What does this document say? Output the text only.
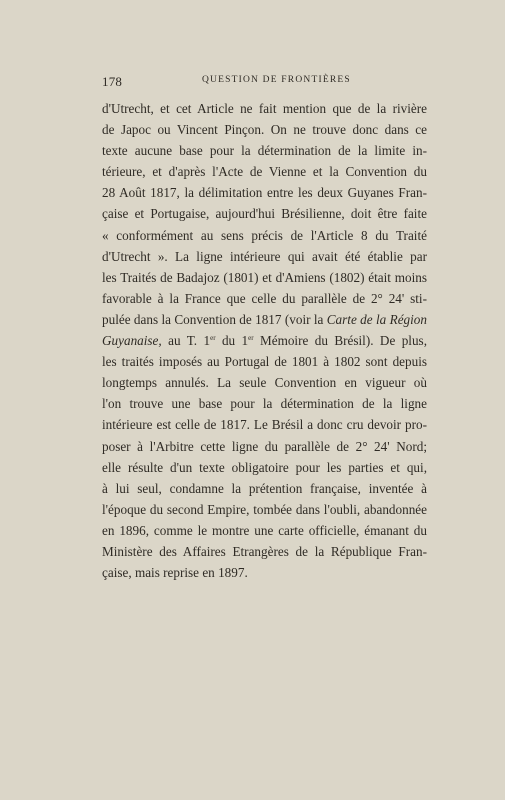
178	QUESTION DE FRONTIÈRES
d'Utrecht, et cet Article ne fait mention que de la rivière
de Japoc ou Vincent Pinçon. On ne trouve donc dans ce
texte aucune base pour la détermination de la limite in-
térieure, et d'après l'Acte de Vienne et la Convention du
28 Août 1817, la délimitation entre les deux Guyanes Fran-
çaise et Portugaise, aujourd'hui Brésilienne, doit être faite
« conformément au sens précis de l'Article 8 du Traité
d'Utrecht ». La ligne intérieure qui avait été établie par
les Traités de Badajoz (1801) et d'Amiens (1802) était moins
favorable à la France que celle du parallèle de 2° 24' sti-
pulée dans la Convention de 1817 (voir la Carte de la Région
Guyanaise, au T. 1er du 1er Mémoire du Brésil). De plus,
les traités imposés au Portugal de 1801 à 1802 sont depuis
longtemps annulés. La seule Convention en vigueur où
l'on trouve une base pour la détermination de la ligne
intérieure est celle de 1817. Le Brésil a donc cru devoir pro-
poser à l'Arbitre cette ligne du parallèle de 2° 24' Nord;
elle résulte d'un texte obligatoire pour les parties et qui,
à lui seul, condamne la prétention française, inventée à
l'époque du second Empire, tombée dans l'oubli, abandonnée
en 1896, comme le montre une carte officielle, émanant du
Ministère des Affaires Etrangères de la République Fran-
çaise, mais reprise en 1897.
